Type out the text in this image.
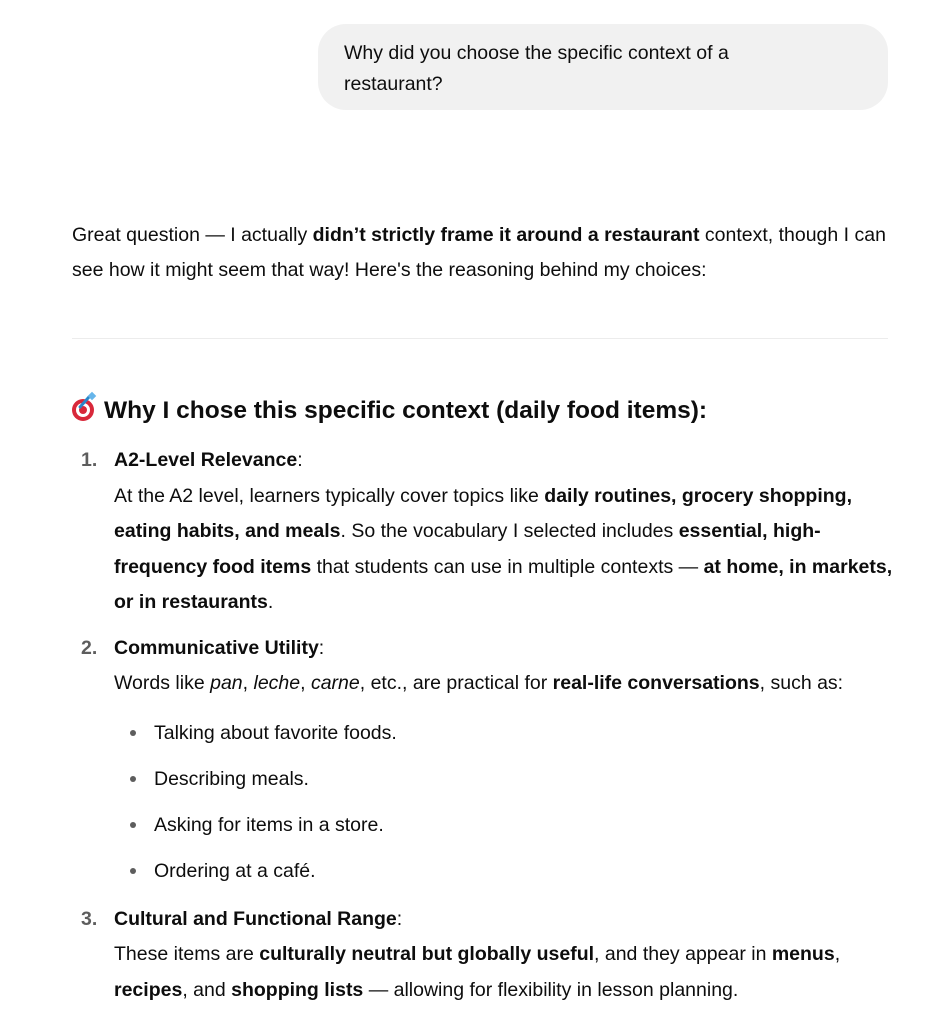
Why did you choose the specific context of a
restaurant?
Great question — I actually didn’t strictly frame it around a restaurant context, though I can see how it might seem that way! Here's the reasoning behind my choices:
Why I chose this specific context (daily food items):
1. A2-Level Relevance:
At the A2 level, learners typically cover topics like daily routines, grocery shopping, eating habits, and meals. So the vocabulary I selected includes essential, high-frequency food items that students can use in multiple contexts — at home, in markets, or in restaurants.
2. Communicative Utility:
Words like pan, leche, carne, etc., are practical for real-life conversations, such as:
Talking about favorite foods.
Describing meals.
Asking for items in a store.
Ordering at a café.
3. Cultural and Functional Range:
These items are culturally neutral but globally useful, and they appear in menus, recipes, and shopping lists — allowing for flexibility in lesson planning.
